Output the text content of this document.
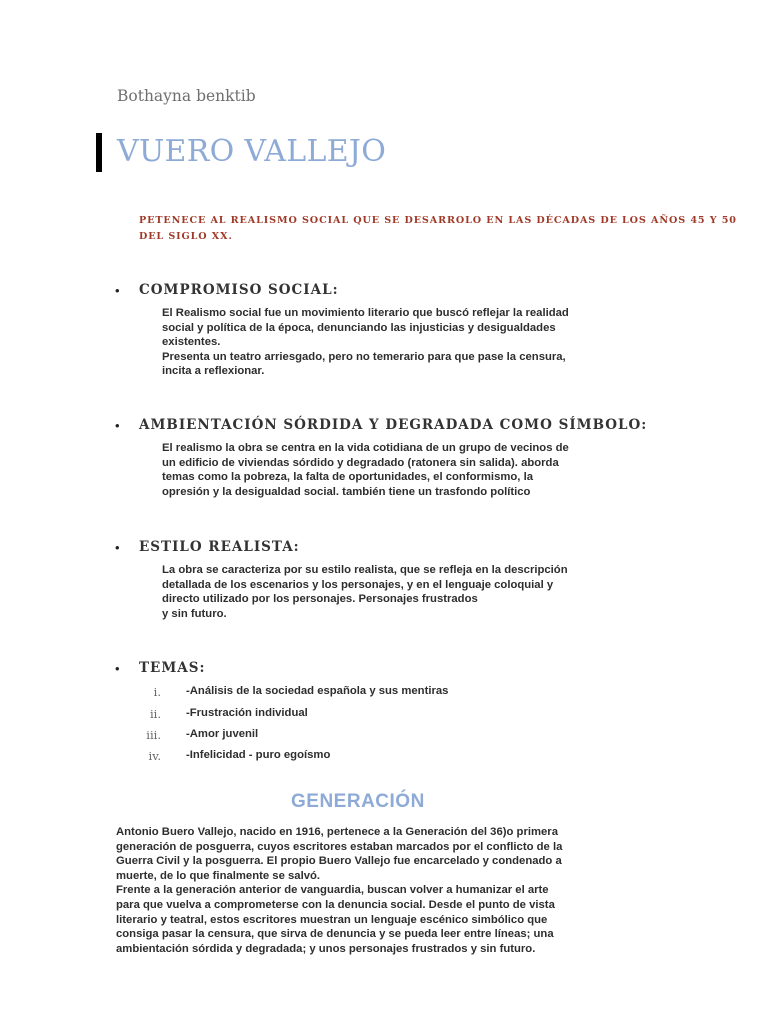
Bothayna benktib
VUERO VALLEJO
PETENECE AL REALISMO SOCIAL QUE SE DESARROLO EN LAS DÉCADAS DE LOS AÑOS 45 Y 50
DEL SIGLO XX.
• COMPROMISO SOCIAL:
El Realismo social fue un movimiento literario que buscó reflejar la realidad
social y política de la época, denunciando las injusticias y desigualdades
existentes.
Presenta un teatro arriesgado, pero no temerario para que pase la censura,
incita a reflexionar.
• AMBIENTACIÓN SÓRDIDA Y DEGRADADA COMO SÍMBOLO:
El realismo la obra se centra en la vida cotidiana de un grupo de vecinos de
un edificio de viviendas sórdido y degradado (ratonera sin salida). aborda
temas como la pobreza, la falta de oportunidades, el conformismo, la
opresión y la desigualdad social. también tiene un trasfondo político
• ESTILO REALISTA:
La obra se caracteriza por su estilo realista, que se refleja en la descripción
detallada de los escenarios y los personajes, y en el lenguaje coloquial y
directo utilizado por los personajes. Personajes frustrados
y sin futuro.
• TEMAS:
i. -Análisis de la sociedad española y sus mentiras
ii. -Frustración individual
iii. -Amor juvenil
iv. -Infelicidad - puro egoísmo
GENERACIÓN
Antonio Buero Vallejo, nacido en 1916, pertenece a la Generación del 36)o primera
generación de posguerra, cuyos escritores estaban marcados por el conflicto de la
Guerra Civil y la posguerra. El propio Buero Vallejo fue encarcelado y condenado a
muerte, de lo que finalmente se salvó.
Frente a la generación anterior de vanguardia, buscan volver a humanizar el arte
para que vuelva a comprometerse con la denuncia social. Desde el punto de vista
literario y teatral, estos escritores muestran un lenguaje escénico simbólico que
consiga pasar la censura, que sirva de denuncia y se pueda leer entre líneas; una
ambientación sórdida y degradada; y unos personajes frustrados y sin futuro.
